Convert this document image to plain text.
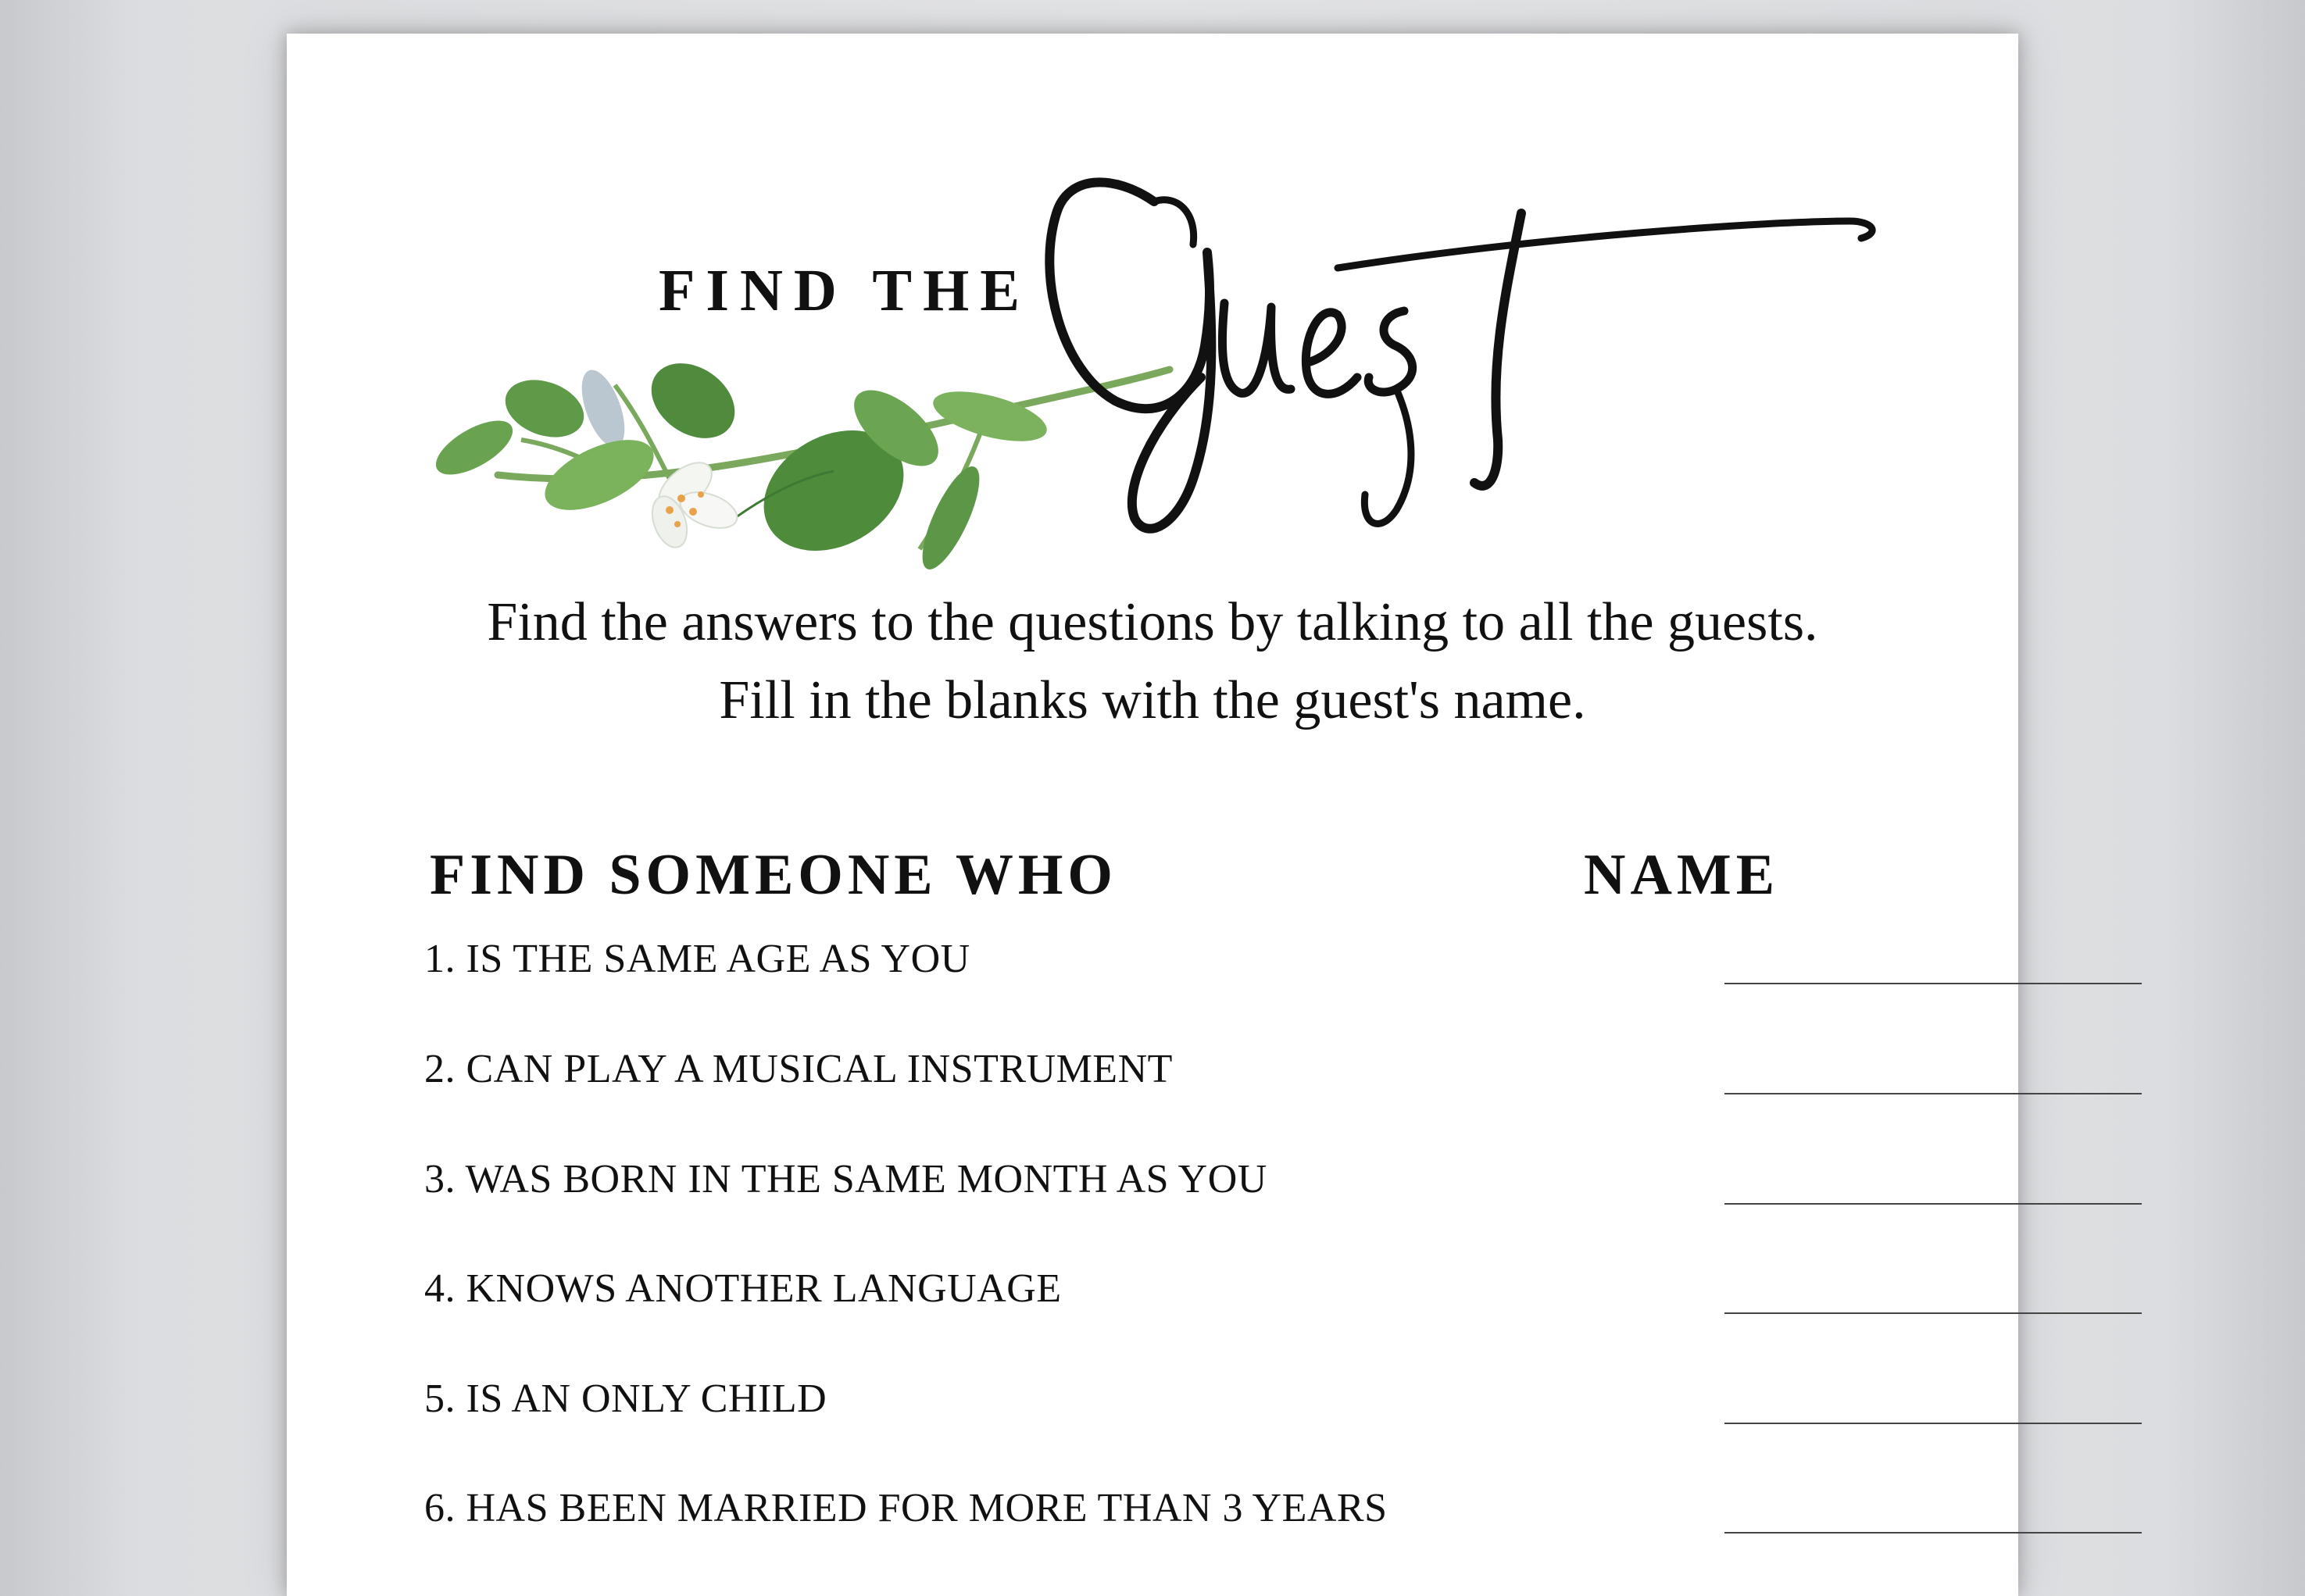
FIND THE
Find the answers to the questions by talking to all the guests.
Fill in the blanks with the guest's name.
FIND SOMEONE WHO	NAME
1. IS THE SAME AGE AS YOU
2. CAN PLAY A MUSICAL INSTRUMENT
3. WAS BORN IN THE SAME MONTH AS YOU
4. KNOWS ANOTHER LANGUAGE
5. IS AN ONLY CHILD
6. HAS BEEN MARRIED FOR MORE THAN 3 YEARS
